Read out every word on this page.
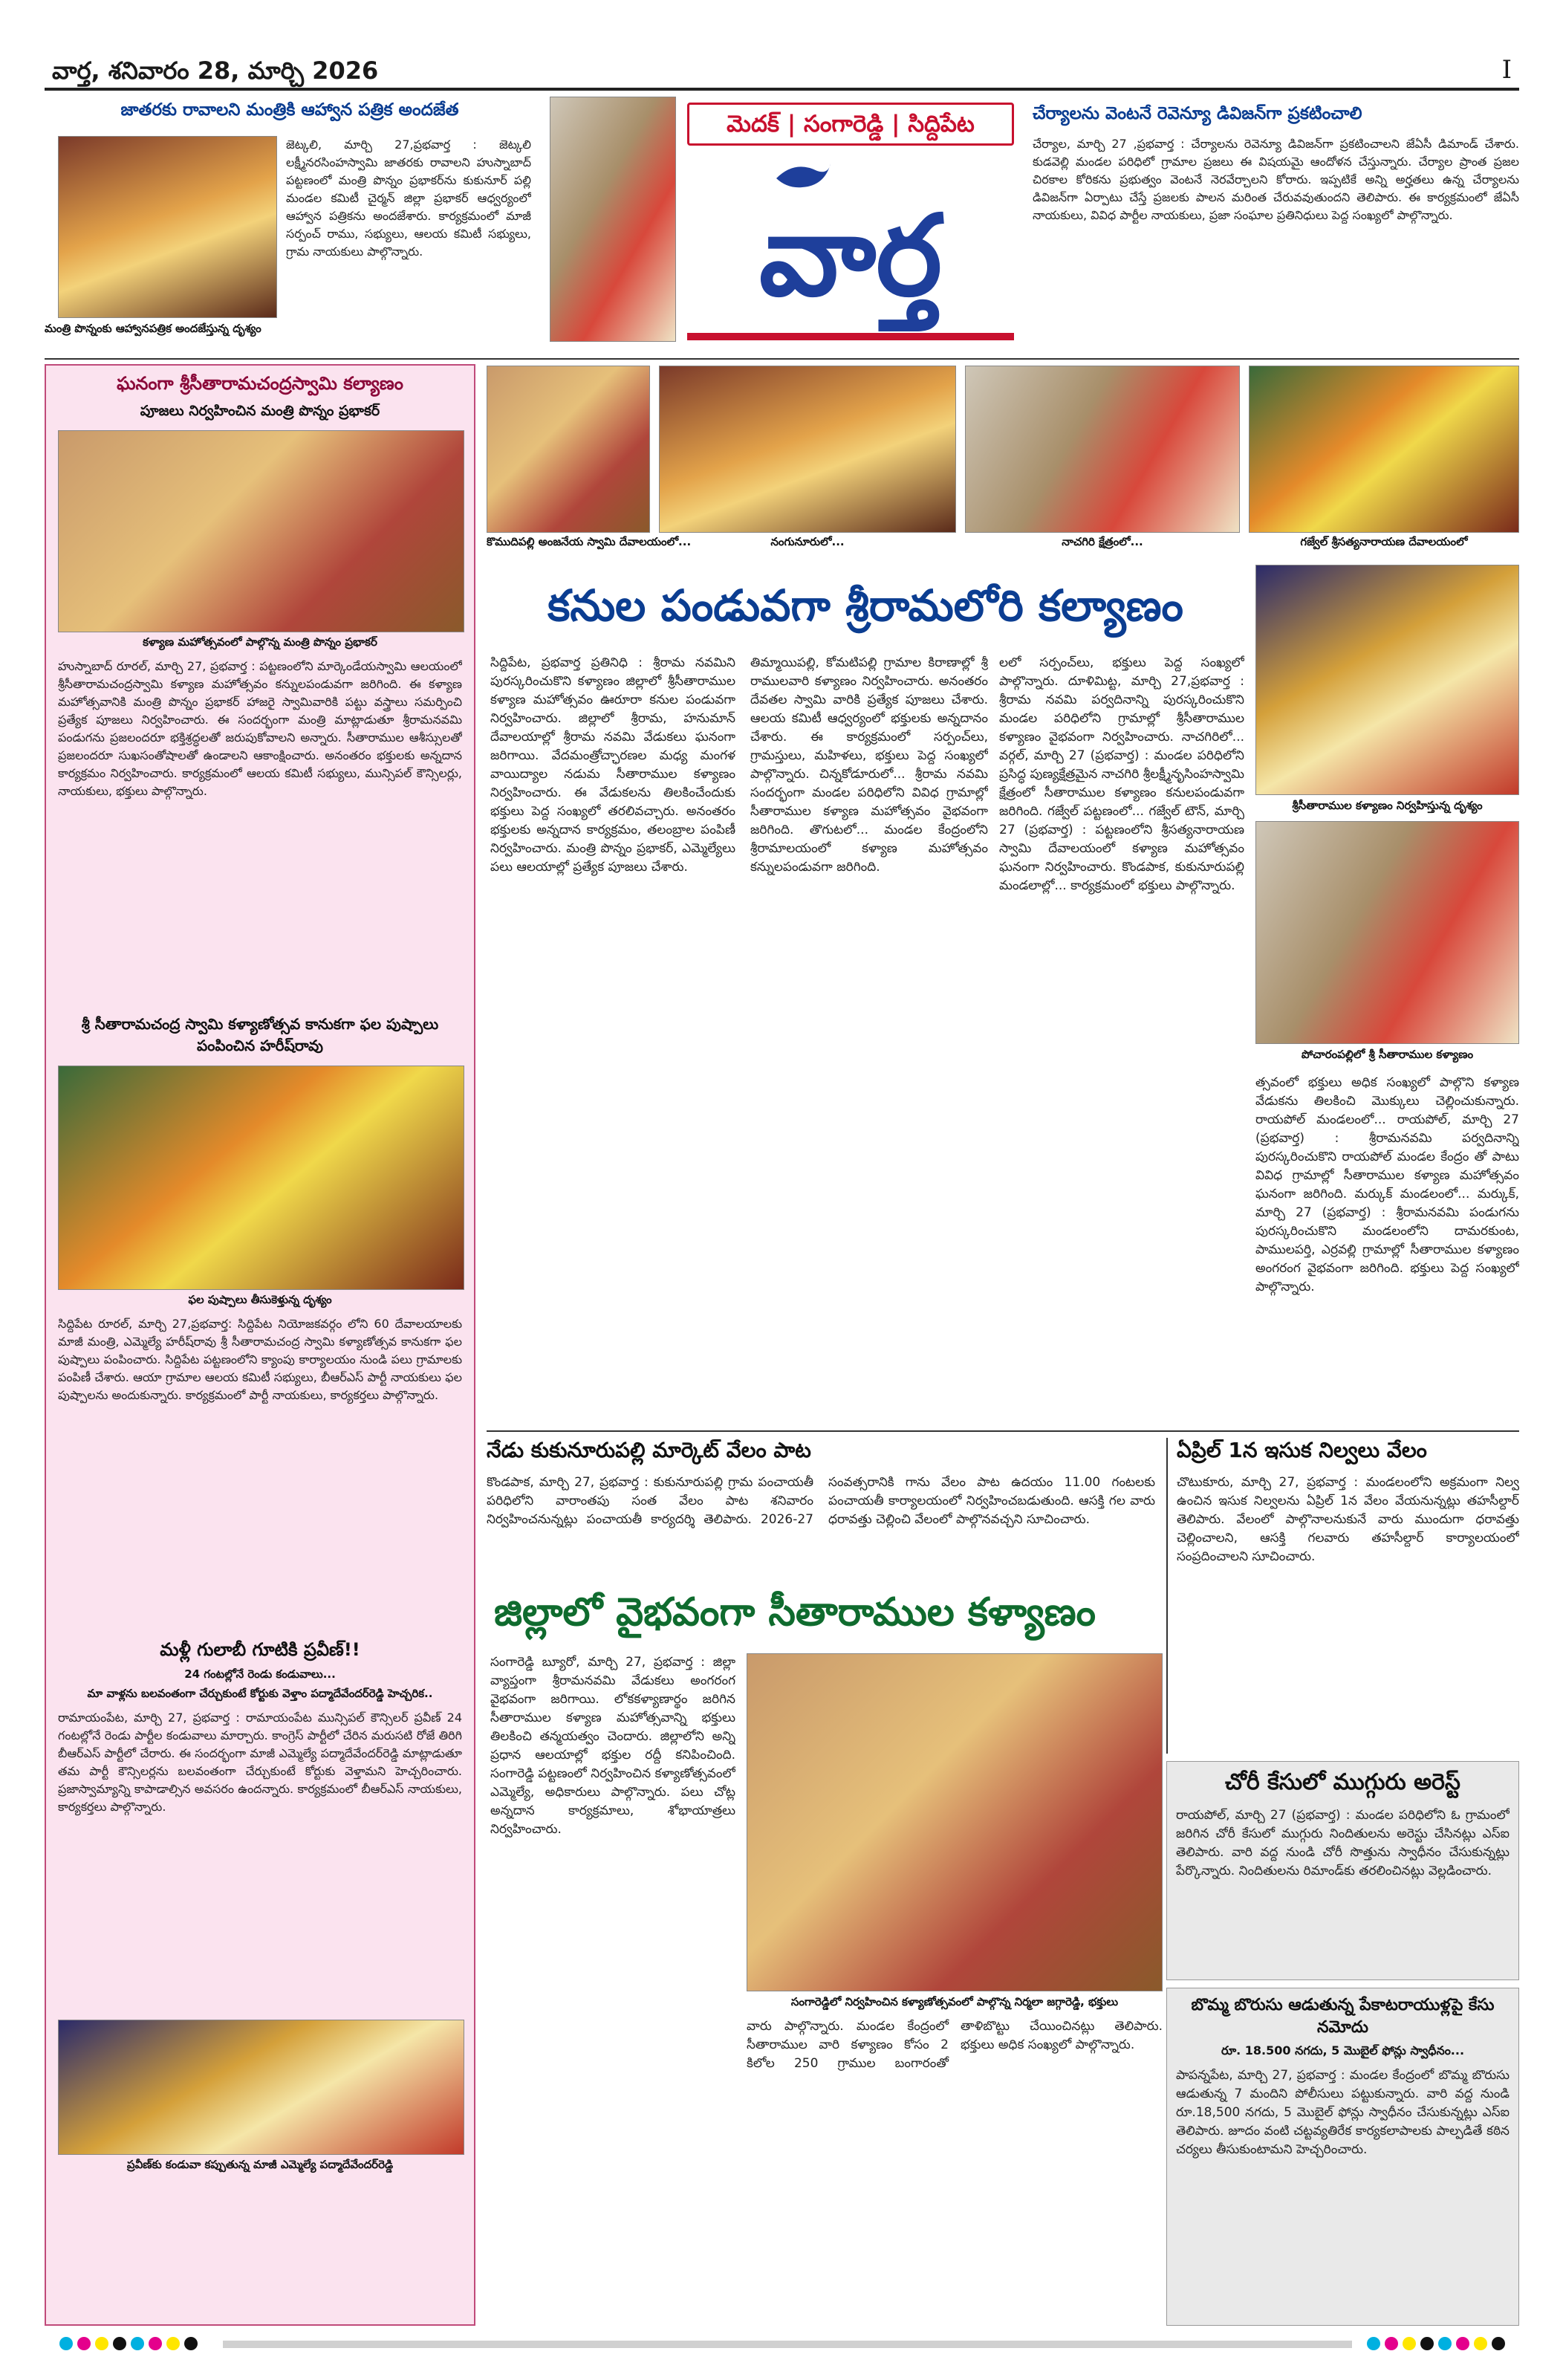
వార్త, శనివారం 28, మార్చి 2026	I
జాతరకు రావాలని మంత్రికి ఆహ్వాన పత్రిక అందజేత
జెట్కలి, మార్చి 27,ప్రభవార్త : జెట్కలి లక్ష్మీనరసింహస్వామి జాతరకు రావాలని హుస్నాబాద్ పట్టణంలో మంత్రి పొన్నం ప్రభాకర్‌ను కుకునూర్ పల్లి మండల కమిటీ చైర్మన్ జిల్లా ప్రభాకర్ ఆధ్వర్యంలో ఆహ్వాన పత్రికను అందజేశారు. కార్యక్రమంలో మాజీ సర్పంచ్ రాము, సభ్యులు, ఆలయ కమిటీ సభ్యులు, గ్రామ నాయకులు పాల్గొన్నారు.
మంత్రి పొన్నంకు ఆహ్వానపత్రిక అందజేస్తున్న దృశ్యం
మెదక్ | సంగారెడ్డి | సిద్దిపేట
వార్త
చేర్యాలను వెంటనే రెవెన్యూ డివిజన్‌గా ప్రకటించాలి
చేర్యాల, మార్చి 27 ,ప్రభవార్త : చేర్యాలను రెవెన్యూ డివిజన్‌గా ప్రకటించాలని జేఏసీ డిమాండ్ చేశారు. కుడవెల్లి మండల పరిధిలో గ్రామాల ప్రజలు ఈ విషయమై ఆందోళన చేస్తున్నారు. చేర్యాల ప్రాంత ప్రజల చిరకాల కోరికను ప్రభుత్వం వెంటనే నెరవేర్చాలని కోరారు. ఇప్పటికే అన్ని అర్హతలు ఉన్న చేర్యాలను డివిజన్‌గా ఏర్పాటు చేస్తే ప్రజలకు పాలన మరింత చేరువవుతుందని తెలిపారు. ఈ కార్యక్రమంలో జేఏసీ నాయకులు, వివిధ పార్టీల నాయకులు, ప్రజా సంఘాల ప్రతినిధులు పెద్ద సంఖ్యలో పాల్గొన్నారు.
ఘనంగా శ్రీసీతారామచంద్రస్వామి కల్యాణం
పూజలు నిర్వహించిన మంత్రి పొన్నం ప్రభాకర్
కళ్యాణ మహోత్సవంలో పాల్గొన్న మంత్రి పొన్నం ప్రభాకర్
హుస్నాబాద్ రూరల్, మార్చి 27, ప్రభవార్త : పట్టణంలోని మార్కెండేయస్వామి ఆలయంలో శ్రీసీతారామచంద్రస్వామి కళ్యాణ మహోత్సవం కన్నులపండువగా జరిగింది. ఈ కళ్యాణ మహోత్సవానికి మంత్రి పొన్నం ప్రభాకర్ హాజరై స్వామివారికి పట్టు వస్త్రాలు సమర్పించి ప్రత్యేక పూజలు నిర్వహించారు. ఈ సందర్భంగా మంత్రి మాట్లాడుతూ శ్రీరామనవమి పండుగను ప్రజలందరూ భక్తిశ్రద్ధలతో జరుపుకోవాలని అన్నారు. సీతారాముల ఆశీస్సులతో ప్రజలందరూ సుఖసంతోషాలతో ఉండాలని ఆకాంక్షించారు. అనంతరం భక్తులకు అన్నదాన కార్యక్రమం నిర్వహించారు. కార్యక్రమంలో ఆలయ కమిటీ సభ్యులు, మున్సిపల్ కౌన్సిలర్లు, నాయకులు, భక్తులు పాల్గొన్నారు.
శ్రీ సీతారామచంద్ర స్వామి కళ్యాణోత్సవ కానుకగా ఫల పుష్పాలు పంపించిన హరీష్‌రావు
ఫల పుష్పాలు తీసుకెళ్తున్న దృశ్యం
సిద్దిపేట రూరల్, మార్చి 27,ప్రభవార్త: సిద్దిపేట నియోజకవర్గం లోని 60 దేవాలయాలకు మాజీ మంత్రి, ఎమ్మెల్యే హరీష్‌రావు శ్రీ సీతారామచంద్ర స్వామి కళ్యాణోత్సవ కానుకగా ఫల పుష్పాలు పంపించారు. సిద్దిపేట పట్టణంలోని క్యాంపు కార్యాలయం నుండి పలు గ్రామాలకు పంపిణీ చేశారు. ఆయా గ్రామాల ఆలయ కమిటీ సభ్యులు, బీఆర్ఎస్ పార్టీ నాయకులు ఫల పుష్పాలను అందుకున్నారు. కార్యక్రమంలో పార్టీ నాయకులు, కార్యకర్తలు పాల్గొన్నారు.
మళ్లీ గులాబీ గూటికి ప్రవీణ్!!
24 గంటల్లోనే రెండు కండువాలు...
మా వాళ్లను బలవంతంగా చేర్చుకుంటే కోర్టుకు వెళ్తాం పద్మాదేవేందర్‌రెడ్డి హెచ్చరిక..
రామాయంపేట, మార్చి 27, ప్రభవార్త : రామాయంపేట మున్సిపల్ కౌన్సిలర్ ప్రవీణ్ 24 గంటల్లోనే రెండు పార్టీల కండువాలు మార్చారు. కాంగ్రెస్ పార్టీలో చేరిన మరుసటి రోజే తిరిగి బీఆర్ఎస్ పార్టీలో చేరారు. ఈ సందర్భంగా మాజీ ఎమ్మెల్యే పద్మాదేవేందర్‌రెడ్డి మాట్లాడుతూ తమ పార్టీ కౌన్సిలర్లను బలవంతంగా చేర్చుకుంటే కోర్టుకు వెళ్తామని హెచ్చరించారు. ప్రజాస్వామ్యాన్ని కాపాడాల్సిన అవసరం ఉందన్నారు. కార్యక్రమంలో బీఆర్ఎస్ నాయకులు, కార్యకర్తలు పాల్గొన్నారు.
ప్రవీణ్‌కు కండువా కప్పుతున్న మాజీ ఎమ్మెల్యే పద్మాదేవేందర్‌రెడ్డి
కొముదిపల్లి అంజనేయ స్వామి దేవాలయంలో...	నంగునూరులో...	నాచగిరి క్షేత్రంలో...	గజ్వేల్ శ్రీసత్యనారాయణ దేవాలయంలో
కనుల పండువగా శ్రీరామలోరి కల్యాణం
సిద్దిపేట, ప్రభవార్త ప్రతినిధి : శ్రీరామ నవమిని పురస్కరించుకొని కళ్యాణం జిల్లాలో శ్రీసీతారాముల కళ్యాణ మహోత్సవం ఊరూరా కనుల పండువగా నిర్వహించారు. జిల్లాలో శ్రీరామ, హనుమాన్ దేవాలయాల్లో శ్రీరామ నవమి వేడుకలు ఘనంగా జరిగాయి. వేదమంత్రోచ్ఛారణల మధ్య మంగళ వాయిద్యాల నడుమ సీతారాముల కళ్యాణం నిర్వహించారు. ఈ వేడుకలను తిలకించేందుకు భక్తులు పెద్ద సంఖ్యలో తరలివచ్చారు. అనంతరం భక్తులకు అన్నదాన కార్యక్రమం, తలంబ్రాల పంపిణీ నిర్వహించారు. మంత్రి పొన్నం ప్రభాకర్, ఎమ్మెల్యేలు పలు ఆలయాల్లో ప్రత్యేక పూజలు చేశారు.
తిమ్మాయిపల్లి, కోమటిపల్లి గ్రామాల కిరాణాల్లో శ్రీ రాములవారి కళ్యాణం నిర్వహించారు. అనంతరం దేవతల స్వామి వారికి ప్రత్యేక పూజలు చేశారు. ఆలయ కమిటీ ఆధ్వర్యంలో భక్తులకు అన్నదానం చేశారు. ఈ కార్యక్రమంలో సర్పంచ్‌లు, గ్రామస్తులు, మహిళలు, భక్తులు పెద్ద సంఖ్యలో పాల్గొన్నారు. చిన్నకోడూరులో... శ్రీరామ నవమి సందర్భంగా మండల పరిధిలోని వివిధ గ్రామాల్లో సీతారాముల కళ్యాణ మహోత్సవం వైభవంగా జరిగింది. తొగుటలో... మండల కేంద్రంలోని శ్రీరామాలయంలో కళ్యాణ మహోత్సవం కన్నులపండువగా జరిగింది.
లలో సర్పంచ్‌లు, భక్తులు పెద్ద సంఖ్యలో పాల్గొన్నారు. దూళిమిట్ట, మార్చి 27,ప్రభవార్త : శ్రీరామ నవమి పర్వదినాన్ని పురస్కరించుకొని మండల పరిధిలోని గ్రామాల్లో శ్రీసీతారాముల కళ్యాణం వైభవంగా నిర్వహించారు. నాచగిరిలో... వర్గల్, మార్చి 27 (ప్రభవార్త) : మండల పరిధిలోని ప్రసిద్ధ పుణ్యక్షేత్రమైన నాచగిరి శ్రీలక్ష్మీనృసింహస్వామి క్షేత్రంలో సీతారాముల కళ్యాణం కనులపండువగా జరిగింది. గజ్వేల్ పట్టణంలో... గజ్వేల్ టౌన్, మార్చి 27 (ప్రభవార్త) : పట్టణంలోని శ్రీసత్యనారాయణ స్వామి దేవాలయంలో కళ్యాణ మహోత్సవం ఘనంగా నిర్వహించారు. కొండపాక, కుకునూరుపల్లి మండలాల్లో... కార్యక్రమంలో భక్తులు పాల్గొన్నారు.
శ్రీసీతారాముల కళ్యాణం నిర్వహిస్తున్న దృశ్యం
పోచారంపల్లిలో శ్రీ సీతారాముల కళ్యాణం
త్సవంలో భక్తులు అధిక సంఖ్యలో పాల్గొని కళ్యాణ వేడుకను తిలకించి మొక్కులు చెల్లించుకున్నారు. రాయపోల్ మండలంలో... రాయపోల్, మార్చి 27 (ప్రభవార్త) : శ్రీరామనవమి పర్వదినాన్ని పురస్కరించుకొని రాయపోల్ మండల కేంద్రం తో పాటు వివిధ గ్రామాల్లో సీతారాముల కళ్యాణ మహోత్సవం ఘనంగా జరిగింది. మర్కుక్ మండలంలో... మర్కుక్, మార్చి 27 (ప్రభవార్త) : శ్రీరామనవమి పండుగను పురస్కరించుకొని మండలంలోని దామరకుంట, పాములపర్తి, ఎర్రవల్లి గ్రామాల్లో సీతారాముల కళ్యాణం అంగరంగ వైభవంగా జరిగింది. భక్తులు పెద్ద సంఖ్యలో పాల్గొన్నారు.
నేడు కుకునూరుపల్లి మార్కెట్ వేలం పాట
కొండపాక, మార్చి 27, ప్రభవార్త : కుకునూరుపల్లి గ్రామ పంచాయతీ పరిధిలోని వారాంతపు సంత వేలం పాట శనివారం నిర్వహించనున్నట్లు పంచాయతీ కార్యదర్శి తెలిపారు. 2026-27 సంవత్సరానికి గాను వేలం పాట ఉదయం 11.00 గంటలకు పంచాయతీ కార్యాలయంలో నిర్వహించబడుతుంది. ఆసక్తి గల వారు ధరావత్తు చెల్లించి వేలంలో పాల్గొనవచ్చని సూచించారు.
ఏప్రిల్ 1న ఇసుక నిల్వలు వేలం
చొటుకూరు, మార్చి 27, ప్రభవార్త : మండలంలోని అక్రమంగా నిల్వ ఉంచిన ఇసుక నిల్వలను ఏప్రిల్ 1న వేలం వేయనున్నట్లు తహసీల్దార్ తెలిపారు. వేలంలో పాల్గొనాలనుకునే వారు ముందుగా ధరావత్తు చెల్లించాలని, ఆసక్తి గలవారు తహసీల్దార్ కార్యాలయంలో సంప్రదించాలని సూచించారు.
జిల్లాలో వైభవంగా సీతారాముల కళ్యాణం
సంగారెడ్డి బ్యూరో, మార్చి 27, ప్రభవార్త : జిల్లా వ్యాప్తంగా శ్రీరామనవమి వేడుకలు అంగరంగ వైభవంగా జరిగాయి. లోకకళ్యాణార్థం జరిగిన సీతారాముల కళ్యాణ మహోత్సవాన్ని భక్తులు తిలకించి తన్మయత్వం చెందారు. జిల్లాలోని అన్ని ప్రధాన ఆలయాల్లో భక్తుల రద్దీ కనిపించింది. సంగారెడ్డి పట్టణంలో నిర్వహించిన కళ్యాణోత్సవంలో ఎమ్మెల్యే, అధికారులు పాల్గొన్నారు. పలు చోట్ల అన్నదాన కార్యక్రమాలు, శోభాయాత్రలు నిర్వహించారు.
సంగారెడ్డిలో నిర్వహించిన కళ్యాణోత్సవంలో పాల్గొన్న నిర్మలా జగ్గారెడ్డి, భక్తులు
వారు పాల్గొన్నారు. మండల కేంద్రంలో సీతారాముల వారి కళ్యాణం కోసం 2 కిలోల 250 గ్రాముల బంగారంతో తాళిబొట్టు చేయించినట్లు తెలిపారు. భక్తులు అధిక సంఖ్యలో పాల్గొన్నారు.
చోరీ కేసులో ముగ్గురు అరెస్ట్
రాయపోల్, మార్చి 27 (ప్రభవార్త) : మండల పరిధిలోని ఓ గ్రామంలో జరిగిన చోరీ కేసులో ముగ్గురు నిందితులను అరెస్టు చేసినట్లు ఎస్ఐ తెలిపారు. వారి వద్ద నుండి చోరీ సొత్తును స్వాధీనం చేసుకున్నట్లు పేర్కొన్నారు. నిందితులను రిమాండ్‌కు తరలించినట్లు వెల్లడించారు.
బొమ్మ బొరుసు ఆడుతున్న పేకాటరాయుళ్లపై కేసు నమోదు
రూ. 18.500 నగదు, 5 మొబైల్ ఫోన్లు స్వాధీనం...
పాపన్నపేట, మార్చి 27, ప్రభవార్త : మండల కేంద్రంలో బొమ్మ బొరుసు ఆడుతున్న 7 మందిని పోలీసులు పట్టుకున్నారు. వారి వద్ద నుండి రూ.18,500 నగదు, 5 మొబైల్ ఫోన్లు స్వాధీనం చేసుకున్నట్లు ఎస్ఐ తెలిపారు. జూదం వంటి చట్టవ్యతిరేక కార్యకలాపాలకు పాల్పడితే కఠిన చర్యలు తీసుకుంటామని హెచ్చరించారు.
